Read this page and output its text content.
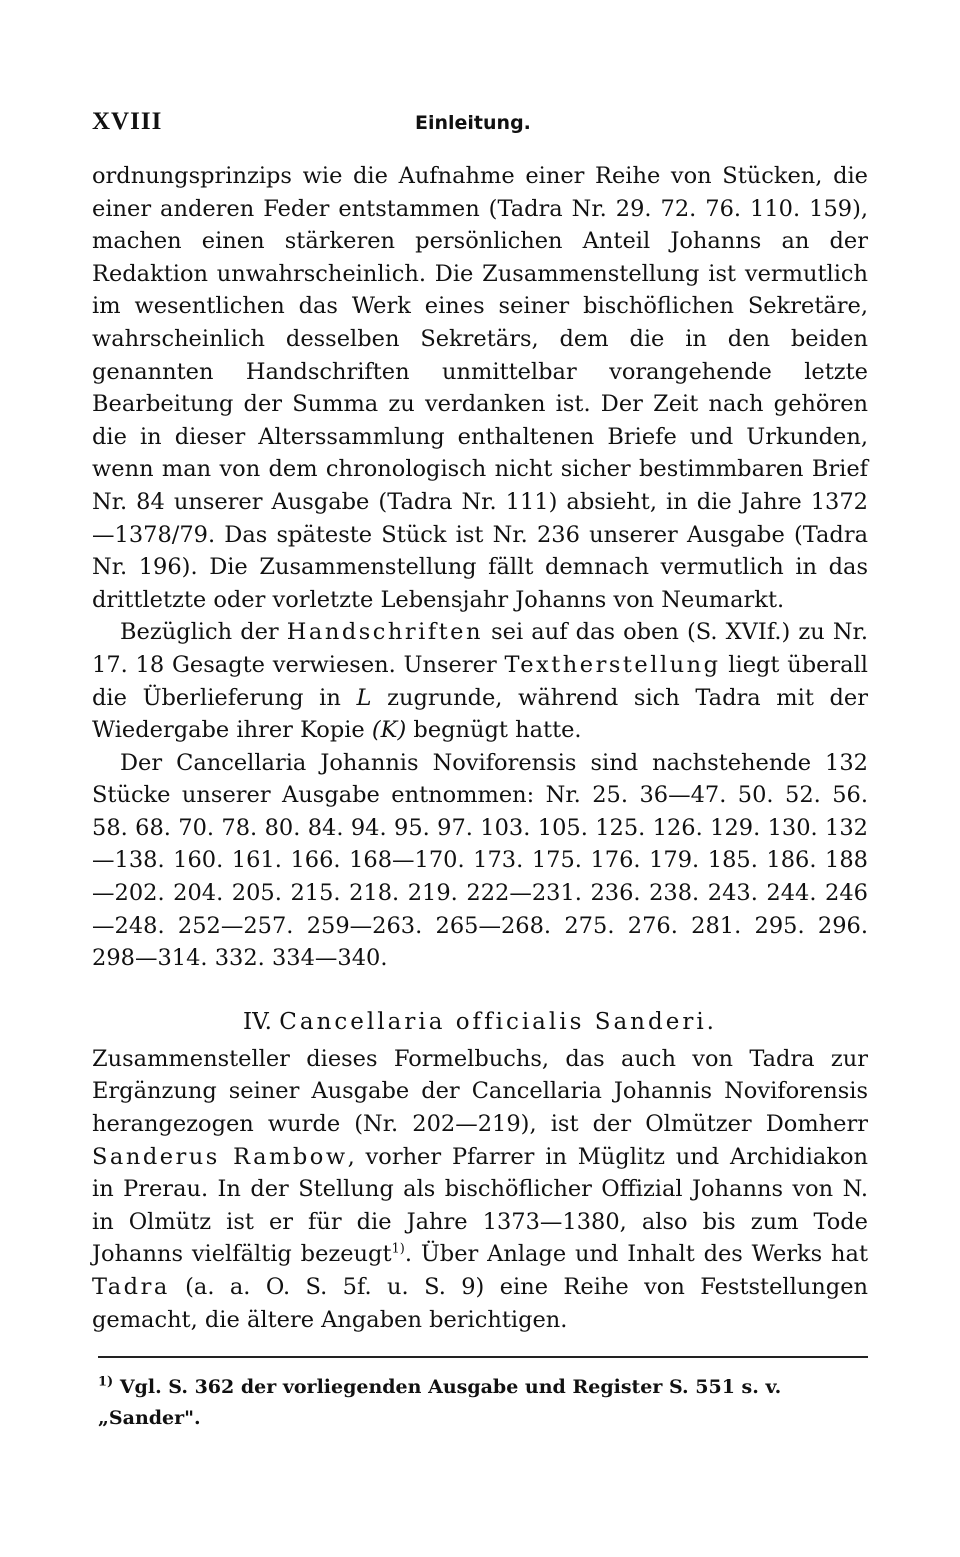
XVIII	Einleitung.

ordnungsprinzips wie die Aufnahme einer Reihe von Stücken, die einer anderen Feder entstammen (Tadra Nr. 29. 72. 76. 110. 159), machen einen stärkeren persönlichen Anteil Johanns an der Redaktion unwahrscheinlich. Die Zusammenstellung ist vermutlich im wesentlichen das Werk eines seiner bischöflichen Sekretäre, wahrscheinlich desselben Sekretärs, dem die in den beiden genannten Handschriften unmittelbar vorangehende letzte Bearbeitung der Summa zu verdanken ist. Der Zeit nach gehören die in dieser Alterssammlung enthaltenen Briefe und Urkunden, wenn man von dem chronologisch nicht sicher bestimmbaren Brief Nr. 84 unserer Ausgabe (Tadra Nr. 111) absieht, in die Jahre 1372—1378/79. Das späteste Stück ist Nr. 236 unserer Ausgabe (Tadra Nr. 196). Die Zusammenstellung fällt demnach vermutlich in das drittletzte oder vorletzte Lebensjahr Johanns von Neumarkt.

Bezüglich der Handschriften sei auf das oben (S. XVIf.) zu Nr. 17. 18 Gesagte verwiesen. Unserer Textherstellung liegt überall die Überlieferung in L zugrunde, während sich Tadra mit der Wiedergabe ihrer Kopie (K) begnügt hatte.

Der Cancellaria Johannis Noviforensis sind nachstehende 132 Stücke unserer Ausgabe entnommen: Nr. 25. 36—47. 50. 52. 56. 58. 68. 70. 78. 80. 84. 94. 95. 97. 103. 105. 125. 126. 129. 130. 132—138. 160. 161. 166. 168—170. 173. 175. 176. 179. 185. 186. 188—202. 204. 205. 215. 218. 219. 222—231. 236. 238. 243. 244. 246—248. 252—257. 259—263. 265—268. 275. 276. 281. 295. 296. 298—314. 332. 334—340.

IV. Cancellaria officialis Sanderi.

Zusammensteller dieses Formelbuchs, das auch von Tadra zur Ergänzung seiner Ausgabe der Cancellaria Johannis Noviforensis herangezogen wurde (Nr. 202—219), ist der Olmützer Domherr Sanderus Rambow, vorher Pfarrer in Müglitz und Archidiakon in Prerau. In der Stellung als bischöflicher Offizial Johanns von N. in Olmütz ist er für die Jahre 1373—1380, also bis zum Tode Johanns vielfältig bezeugt$^{1)}$. Über Anlage und Inhalt des Werks hat Tadra (a. a. O. S. 5f. u. S. 9) eine Reihe von Feststellungen gemacht, die ältere Angaben berichtigen.

$^{1)}$ Vgl. S. 362 der vorliegenden Ausgabe und Register S. 551 s. v. „Sander".
